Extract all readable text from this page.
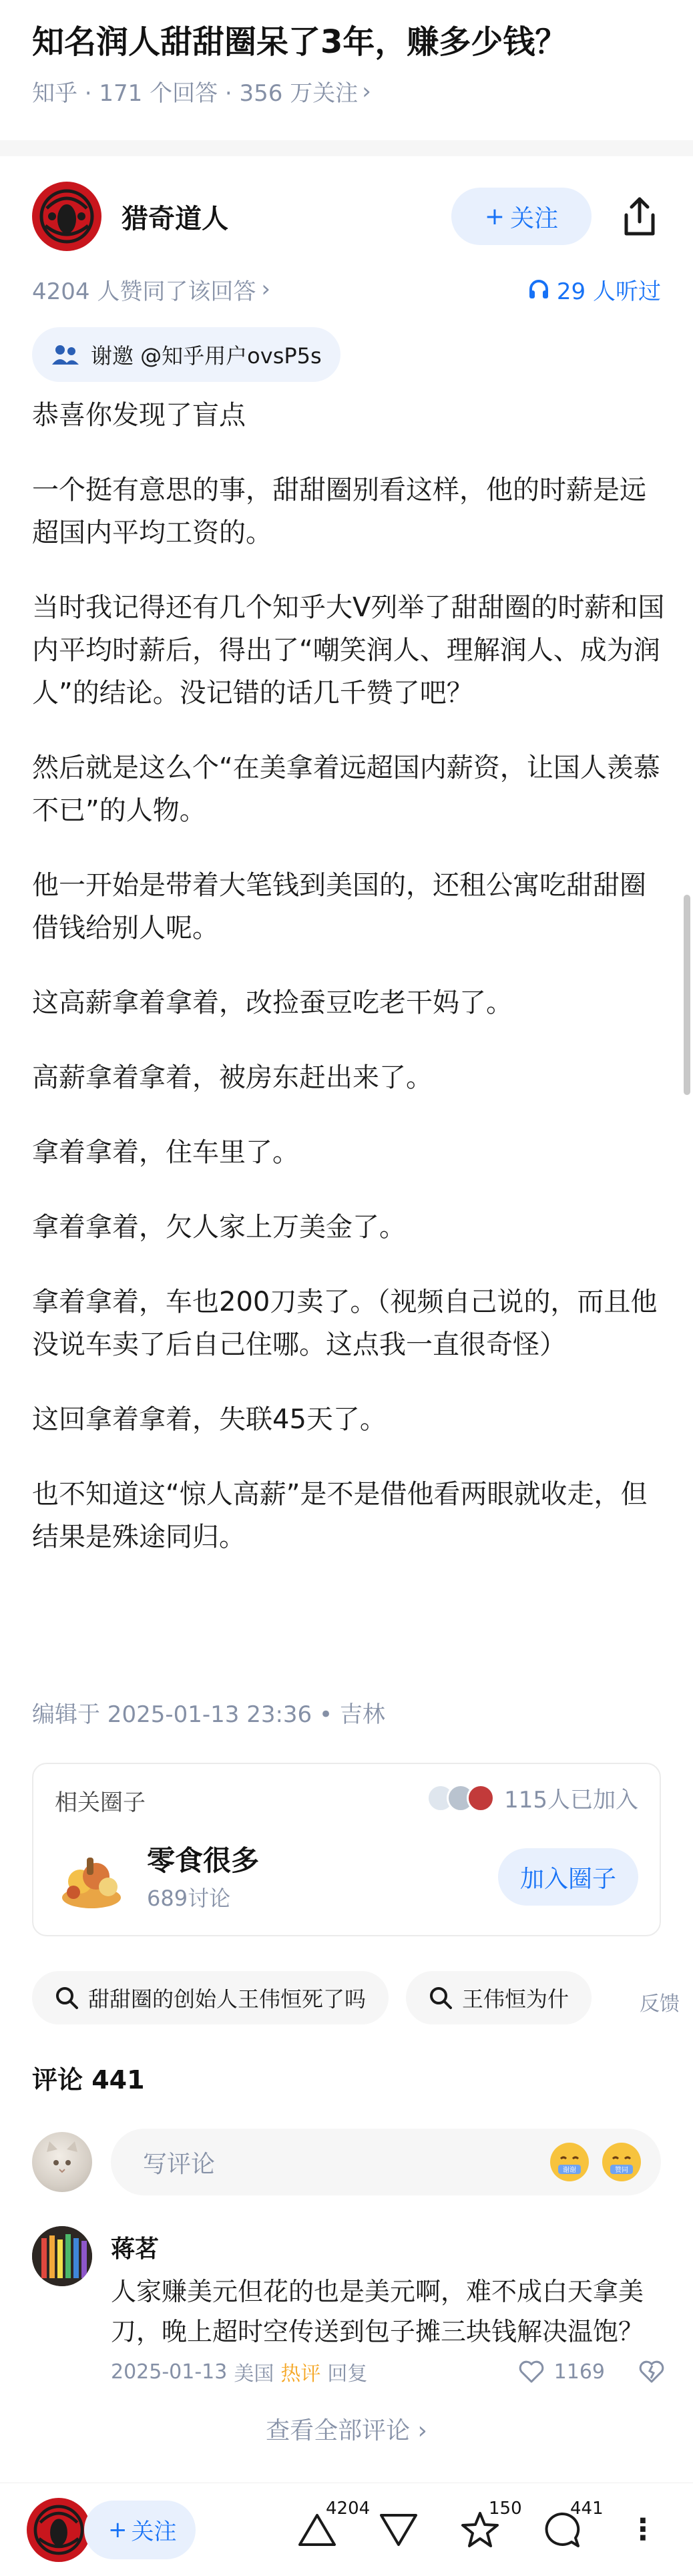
知名润人甜甜圈呆了3年，赚多少钱？
知乎 · 171 个回答 · 356 万关注 ›
猎奇道人	+ 关注
4204 人赞同了该回答 ›	29 人听过
谢邀 @知乎用户ovsP5s

恭喜你发现了盲点

一个挺有意思的事，甜甜圈别看这样，他的时薪是远超国内平均工资的。

当时我记得还有几个知乎大V列举了甜甜圈的时薪和国内平均时薪后，得出了“嘲笑润人、理解润人、成为润人”的结论。没记错的话几千赞了吧？

然后就是这么个“在美拿着远超国内薪资，让国人羡慕不已”的人物。

他一开始是带着大笔钱到美国的，还租公寓吃甜甜圈借钱给别人呢。

这高薪拿着拿着，改捡蚕豆吃老干妈了。

高薪拿着拿着，被房东赶出来了。

拿着拿着，住车里了。

拿着拿着，欠人家上万美金了。

拿着拿着，车也200刀卖了。（视频自己说的，而且他没说车卖了后自己住哪。这点我一直很奇怪）

这回拿着拿着，失联45天了。

也不知道这“惊人高薪”是不是借他看两眼就收走，但结果是殊途同归。

编辑于 2025-01-13 23:36 • 吉林
相关圈子	115人已加入
零食很多
689讨论
加入圈子
甜甜圈的创始人王伟恒死了吗	王伟恒为什	反馈
评论 441
写评论	谢谢	赞同
蒋茗
人家赚美元但花的也是美元啊，难不成白天拿美刀，晚上超时空传送到包子摊三块钱解决温饱？
2025-01-13 美国 热评 回复	1169
查看全部评论 ›
+ 关注
4204	150	441
⋮
